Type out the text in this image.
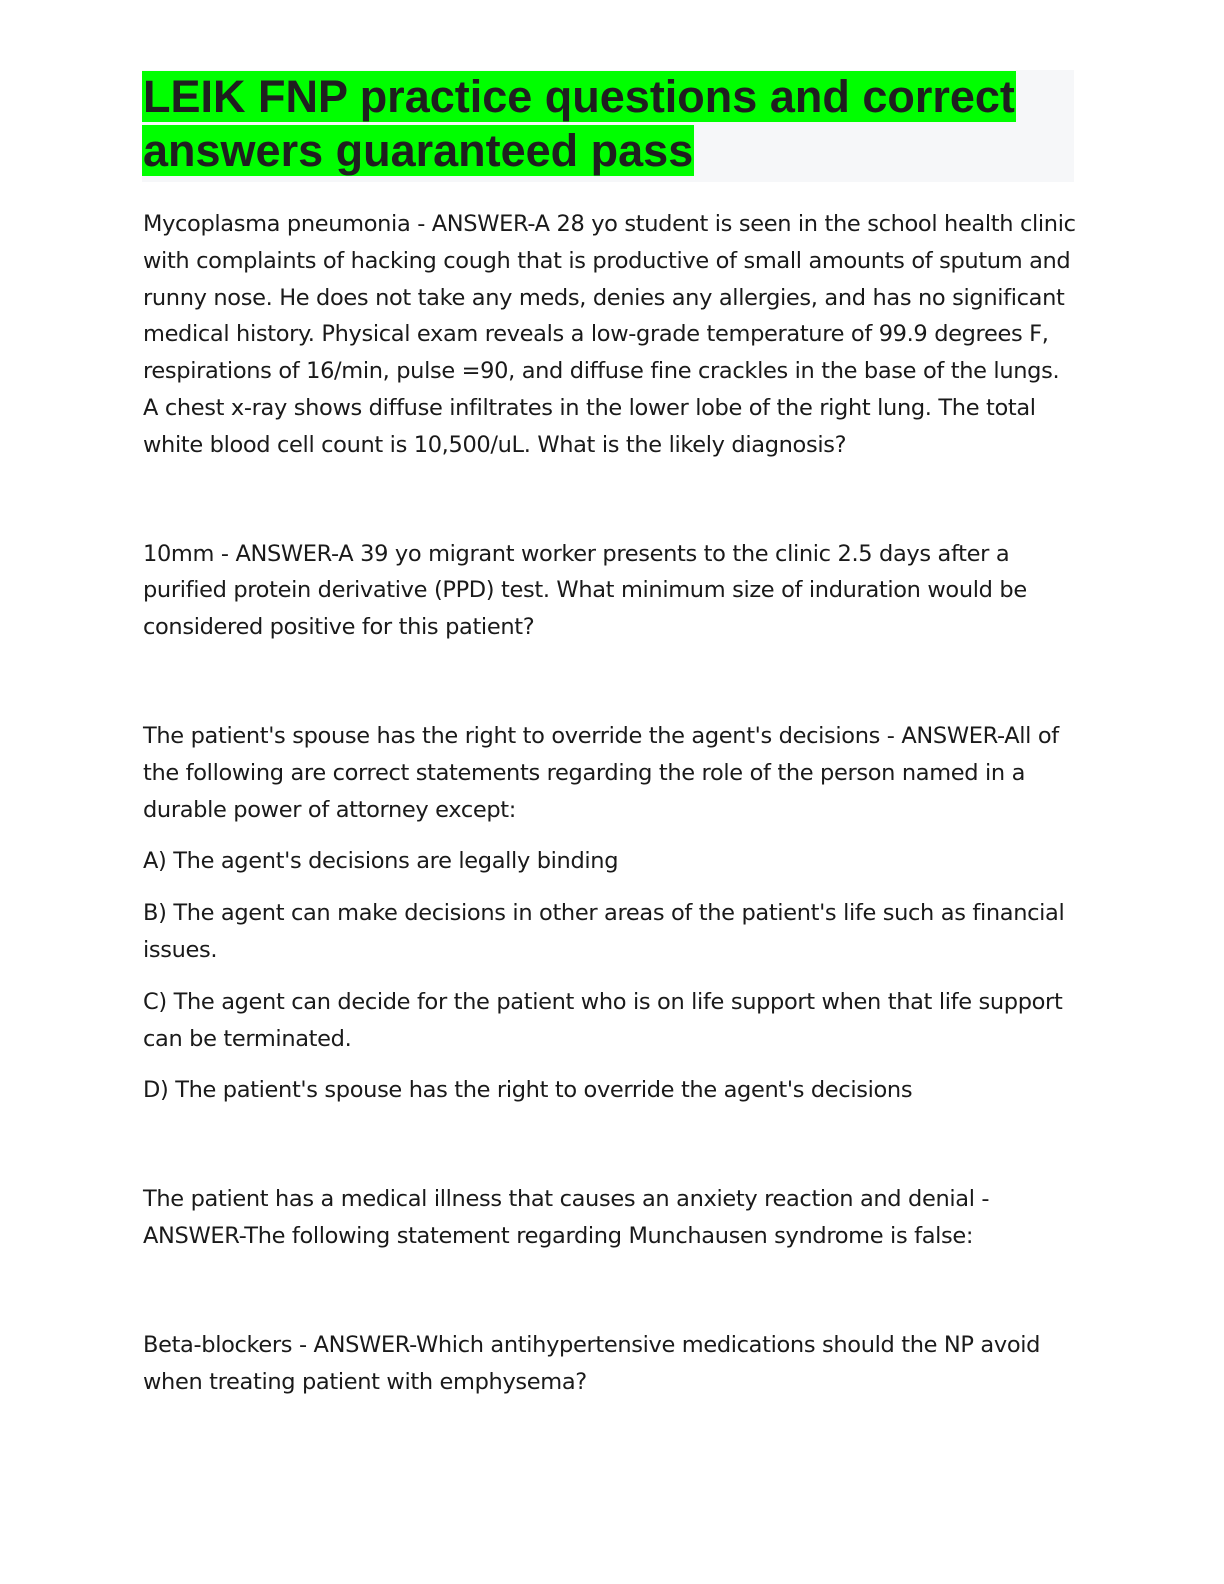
LEIK FNP practice questions and correct
answers guaranteed pass

Mycoplasma pneumonia - ANSWER-A 28 yo student is seen in the school health clinic with complaints of hacking cough that is productive of small amounts of sputum and runny nose. He does not take any meds, denies any allergies, and has no significant medical history. Physical exam reveals a low-grade temperature of 99.9 degrees F, respirations of 16/min, pulse =90, and diffuse fine crackles in the base of the lungs. A chest x-ray shows diffuse infiltrates in the lower lobe of the right lung. The total white blood cell count is 10,500/uL. What is the likely diagnosis?

10mm - ANSWER-A 39 yo migrant worker presents to the clinic 2.5 days after a purified protein derivative (PPD) test. What minimum size of induration would be considered positive for this patient?

The patient's spouse has the right to override the agent's decisions - ANSWER-All of the following are correct statements regarding the role of the person named in a durable power of attorney except:

A) The agent's decisions are legally binding

B) The agent can make decisions in other areas of the patient's life such as financial issues.

C) The agent can decide for the patient who is on life support when that life support can be terminated.

D) The patient's spouse has the right to override the agent's decisions

The patient has a medical illness that causes an anxiety reaction and denial - ANSWER-The following statement regarding Munchausen syndrome is false:

Beta-blockers - ANSWER-Which antihypertensive medications should the NP avoid when treating patient with emphysema?
